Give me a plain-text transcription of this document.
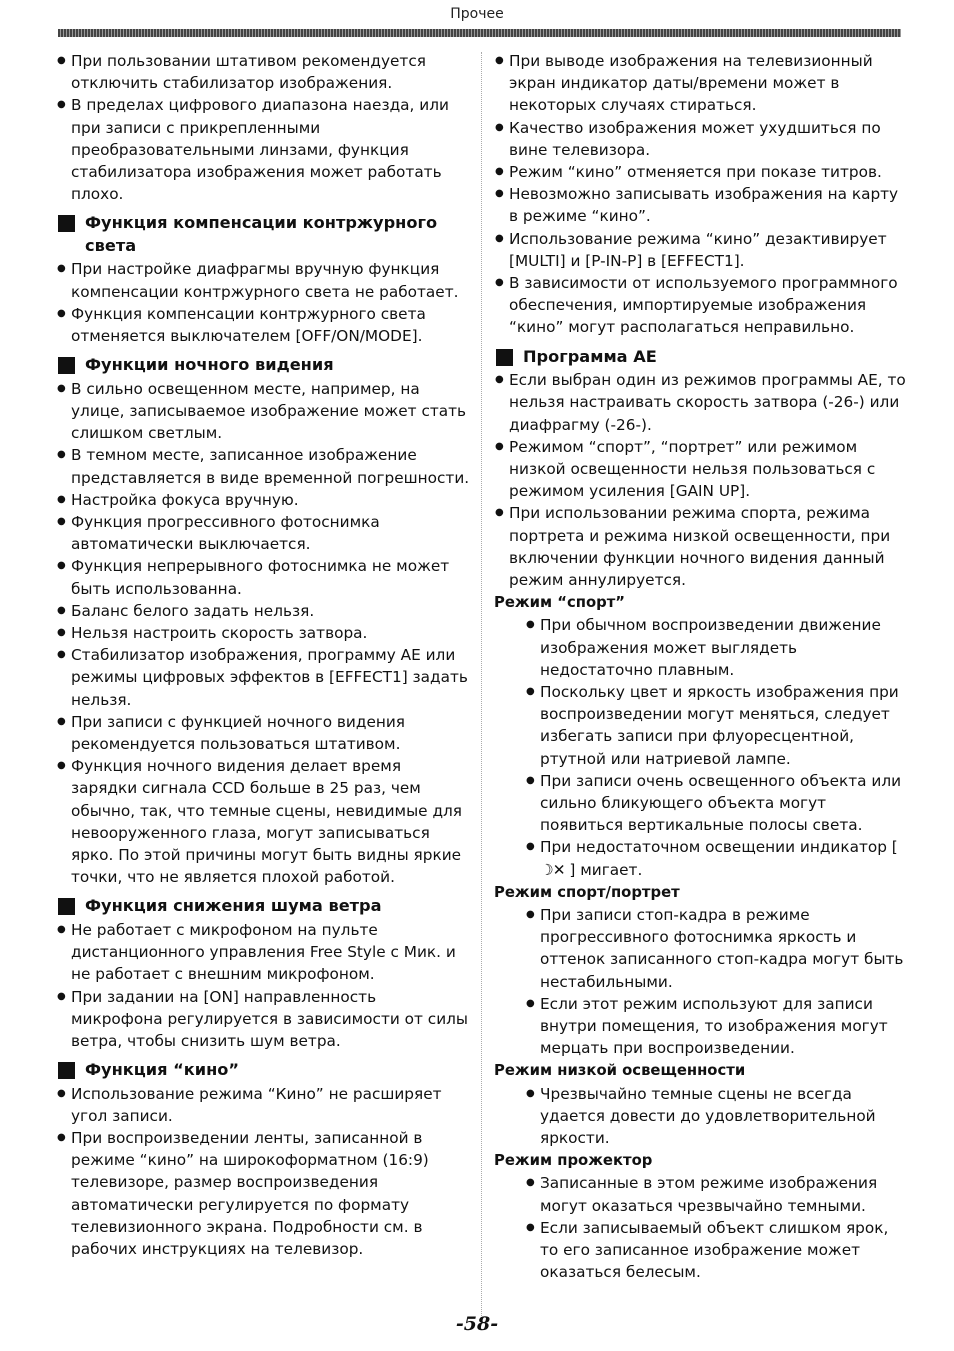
Прочее

● При пользовании штативом рекомендуется отключить стабилизатор изображения.

● В пределах цифрового диапазона наезда, или при записи с прикрепленными преобразовательными линзами, функция стабилизатора изображения может работать плохо.

Функция компенсации контржурного света

● При настройке диафрагмы вручную функция компенсации контржурного света не работает.

● Функция компенсации контржурного света отменяется выключателем [OFF/ON/MODE].

Функции ночного видения

● В сильно освещенном месте, например, на улице, записываемое изображение может стать слишком светлым.

● В темном месте, записанное изображение представляется в виде временной погрешности.

● Настройка фокуса вручную.

● Функция прогрессивного фотоснимка автоматически выключается.

● Функция непрерывного фотоснимка не может быть использованна.

● Баланс белого задать нельзя.

● Нельзя настроить скорость затвора.

● Стабилизатор изображения, программу AE или режимы цифровых эффектов в [EFFECT1] задать нельзя.

● При записи с функцией ночного видения рекомендуется пользоваться штативом.

● Функция ночного видения делает время зарядки сигнала CCD больше в 25 раз, чем обычно, так, что темные сцены, невидимые для невооруженного глаза, могут записываться ярко. По этой причины могут быть видны яркие точки, что не является плохой работой.

Функция снижения шума ветра

● Не работает с микрофоном на пульте дистанционного управления Free Style с Мик. и не работает с внешним микрофоном.

● При задании на [ON] направленность микрофона регулируется в зависимости от силы ветра, чтобы снизить шум ветра.

Функция “кино”

● Использование режима “Кино” не расширяет угол записи.

● При воспроизведении ленты, записанной в режиме “кино” на широкоформатном (16:9) телевизоре, размер воспроизведения автоматически регулируется по формату телевизионного экрана. Подробности см. в рабочих инструкциях на телевизор.

● При выводе изображения на телевизионный экран индикатор даты/времени может в некоторых случаях стираться.

● Качество изображения может ухудшиться по вине телевизора.

● Режим “кино” отменяется при показе титров.

● Невозможно записывать изображения на карту в режиме “кино”.

● Использование режима “кино” дезактивирует [MULTI] и [P-IN-P] в [EFFECT1].

● В зависимости от используемого программного обеспечения, импортируемые изображения “кино” могут располагаться неправильно.

Программа AE

● Если выбран один из режимов программы AE, то нельзя настраивать скорость затвора (-26-) или диафрагму (-26-).

● Режимом “спорт”, “портрет” или режимом низкой освещенности нельзя пользоваться с режимом усиления [GAIN UP].

● При использовании режима спорта, режима портрета и режима низкой освещенности, при включении функции ночного видения данный режим аннулируется.

Режим “спорт”

● При обычном воспроизведении движение изображения может выглядеть недостаточно плавным.

● Поскольку цвет и яркость изображения при воспроизведении могут меняться, следует избегать записи при флуоресцентной, ртутной или натриевой лампе.

● При записи очень освещенного объекта или сильно бликующего объекта могут появиться вертикальные полосы света.

● При недостаточном освещении индикатор [ ☽✕ ] мигает.

Режим спорт/портрет

● При записи стоп-кадра в режиме прогрессивного фотоснимка яркость и оттенок записанного стоп-кадра могут быть нестабильными.

● Если этот режим используют для записи внутри помещения, то изображения могут мерцать при воспроизведении.

Режим низкой освещенности

● Чрезвычайно темные сцены не всегда удается довести до удовлетворительной яркости.

Режим прожектор

● Записанные в этом режиме изображения могут оказаться чрезвычайно темными.

● Если записываемый объект слишком ярок, то его записанное изображение может оказаться белесым.

-58-
